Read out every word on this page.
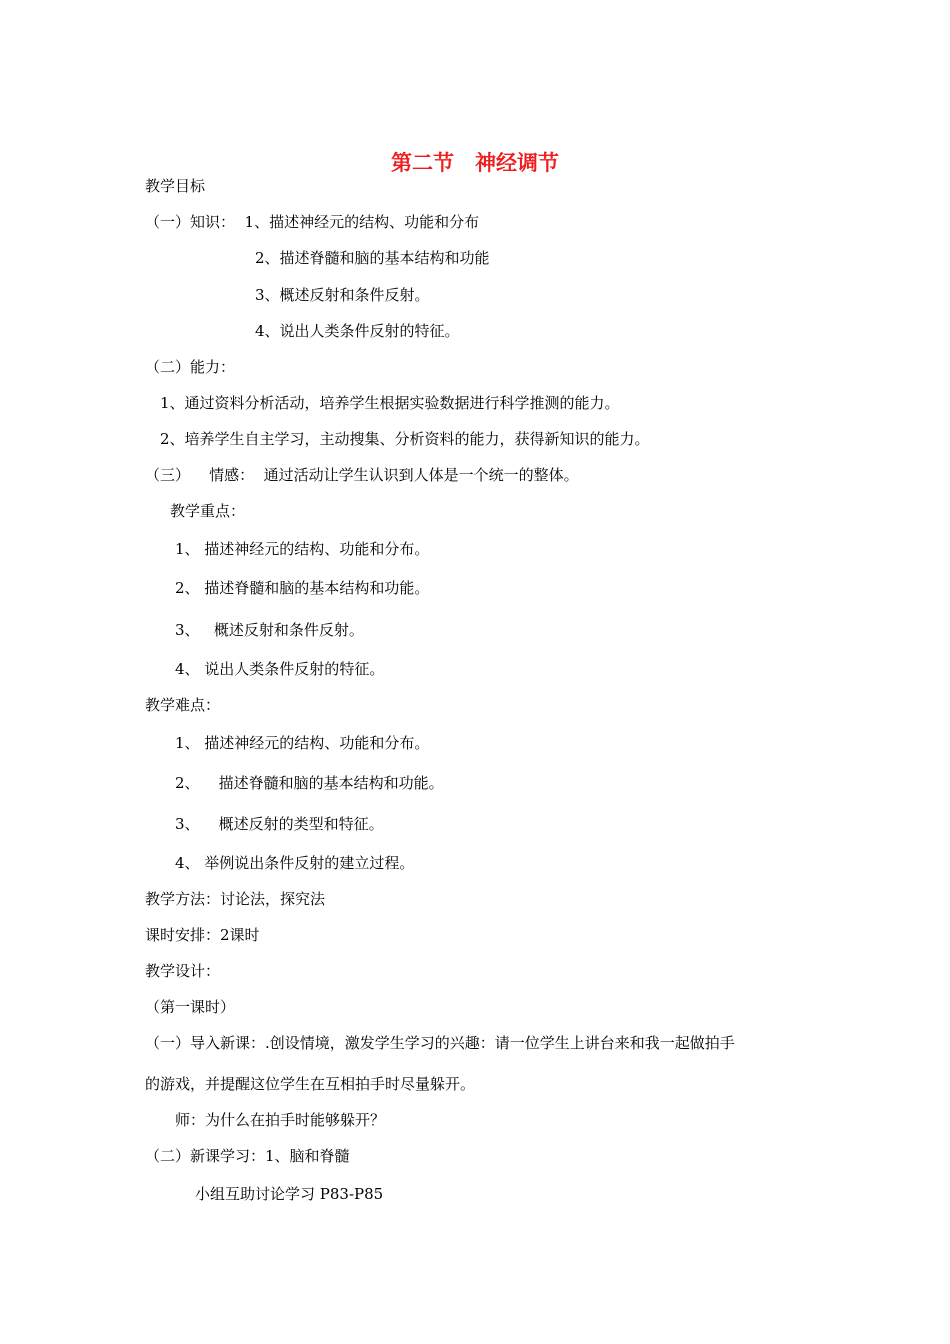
第二节　神经调节
教学目标
（一）知识：  1、描述神经元的结构、功能和分布
2、描述脊髓和脑的基本结构和功能
3、概述反射和条件反射。
4、说出人类条件反射的特征。
（二）能力：
1、通过资料分析活动，培养学生根据实验数据进行科学推测的能力。
2、培养学生自主学习，主动搜集、分析资料的能力，获得新知识的能力。
（三）    情感：  通过活动让学生认识到人体是一个统一的整体。
教学重点：
1、 描述神经元的结构、功能和分布。
2、 描述脊髓和脑的基本结构和功能。
3、   概述反射和条件反射。
4、 说出人类条件反射的特征。
教学难点：
1、 描述神经元的结构、功能和分布。
2、    描述脊髓和脑的基本结构和功能。
3、    概述反射的类型和特征。
4、 举例说出条件反射的建立过程。
教学方法：讨论法，探究法
课时安排：2课时
教学设计：
（第一课时）
（一）导入新课：.创设情境，激发学生学习的兴趣：请一位学生上讲台来和我一起做拍手
的游戏，并提醒这位学生在互相拍手时尽量躲开。
师：为什么在拍手时能够躲开？
（二）新课学习：1、脑和脊髓
小组互助讨论学习 P83-P85
